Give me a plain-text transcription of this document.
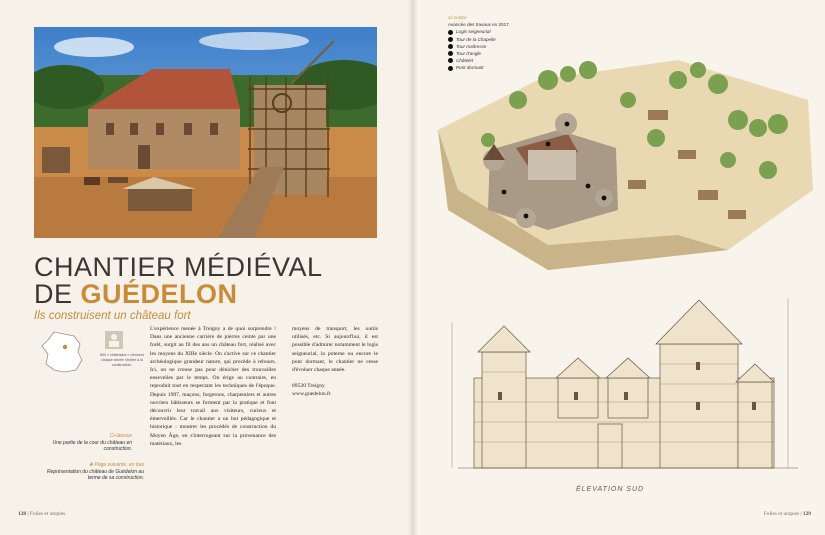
CHANTIER MÉDIÉVAL
DE GUÉDELON
Ils construisent un château fort
800 « châtelains » viennent chaque année s'initier à la construction.
L'expérience menée à Treigny a de quoi surprendre ! Dans une ancienne carrière de pierres ceinte par une forêt, surgit au fil des ans un château fort, réalisé avec les moyens du XIIIe siècle. On s'active sur ce chantier archéologique grandeur nature, qui procède à rebours. Ici, on ne creuse pas pour dénicher des trouvailles ensevelies par le temps. On érige au contraire, en reproduit tout en respectant les techniques de l'époque. Depuis 1997, maçons, forgerons, charpentiers et autres ouvriers bâtisseurs se forment par la pratique et font découvrir leur travail aux visiteurs, curieux et émerveillés. Car le chantier a un but pédagogique et historique : montrer les procédés de construction du Moyen Âge, en s'interrogeant sur la provenance des matériaux, les
moyens de transport, les outils utilisés, etc. Si aujourd'hui, il est possible d'admirer notamment le logis seigneurial, la poterne ou encore le pont dormant, le chantier ne cesse d'évoluer chaque année.
89520 Treigny
www.guedelon.fr
Ci-dessus
Une partie de la cour du château en construction.
✤ Page suivante, en bas
Représentation du château de Guédelon au terme de sa construction.
Ci-contre
Avancée des travaux en 2017
Logis seigneurial
Tour de la Chapelle
Tour maîtresse
Tour d'angle
Châtelet
Pont dormant
ÉLEVATION SUD
128 | Folies et utopies	Folies et utopies | 129
